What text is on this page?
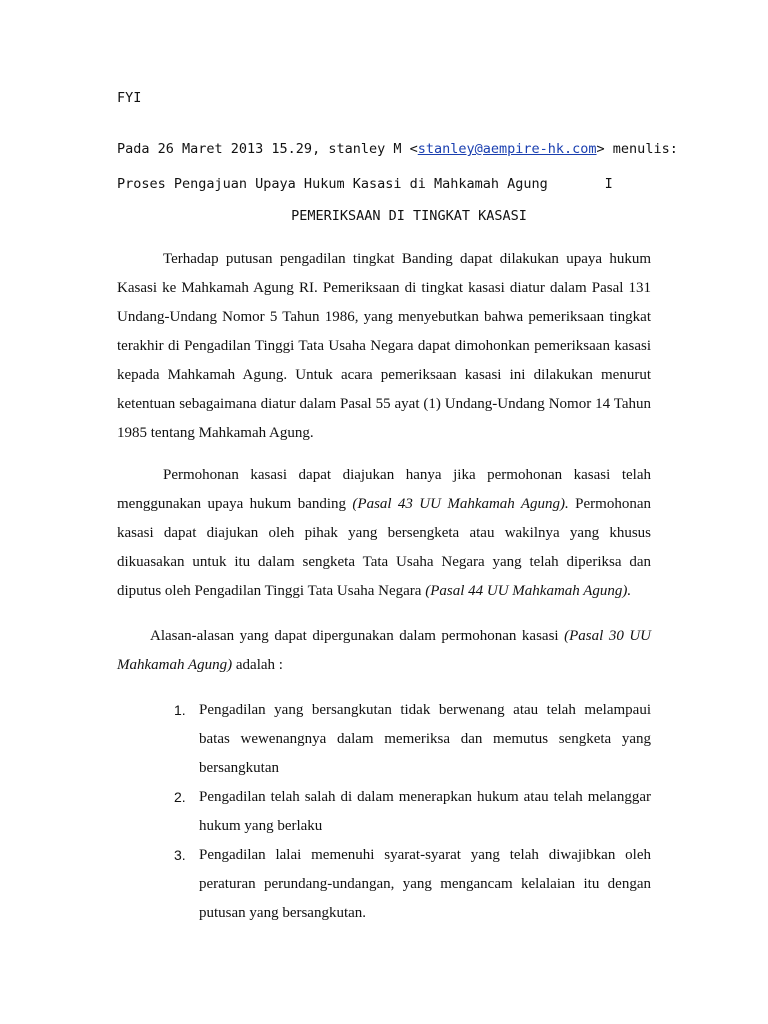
FYI
Pada 26 Maret 2013 15.29, stanley M <stanley@aempire-hk.com> menulis:
Proses Pengajuan Upaya Hukum Kasasi di Mahkamah Agung       I
PEMERIKSAAN DI TINGKAT KASASI
Terhadap putusan pengadilan tingkat Banding dapat dilakukan upaya hukum Kasasi ke Mahkamah Agung RI. Pemeriksaan di tingkat kasasi diatur dalam Pasal 131 Undang-Undang Nomor 5 Tahun 1986, yang menyebutkan bahwa pemeriksaan tingkat terakhir di Pengadilan Tinggi Tata Usaha Negara dapat dimohonkan pemeriksaan kasasi kepada Mahkamah Agung. Untuk acara pemeriksaan kasasi ini dilakukan menurut ketentuan sebagaimana diatur dalam Pasal 55 ayat (1) Undang-Undang Nomor 14 Tahun 1985 tentang Mahkamah Agung.
Permohonan kasasi dapat diajukan hanya jika permohonan kasasi telah menggunakan upaya hukum banding (Pasal 43 UU Mahkamah Agung). Permohonan kasasi dapat diajukan oleh pihak yang bersengketa atau wakilnya yang khusus dikuasakan untuk itu dalam sengketa Tata Usaha Negara yang telah diperiksa dan diputus oleh Pengadilan Tinggi Tata Usaha Negara (Pasal 44 UU Mahkamah Agung).
Alasan-alasan yang dapat dipergunakan dalam permohonan kasasi (Pasal 30 UU Mahkamah Agung) adalah :
1. Pengadilan yang bersangkutan tidak berwenang atau telah melampaui batas wewenangnya dalam memeriksa dan memutus sengketa yang bersangkutan
2. Pengadilan telah salah di dalam menerapkan hukum atau telah melanggar hukum yang berlaku
3. Pengadilan lalai memenuhi syarat-syarat yang telah diwajibkan oleh peraturan perundang-undangan, yang mengancam kelalaian itu dengan putusan yang bersangkutan.
